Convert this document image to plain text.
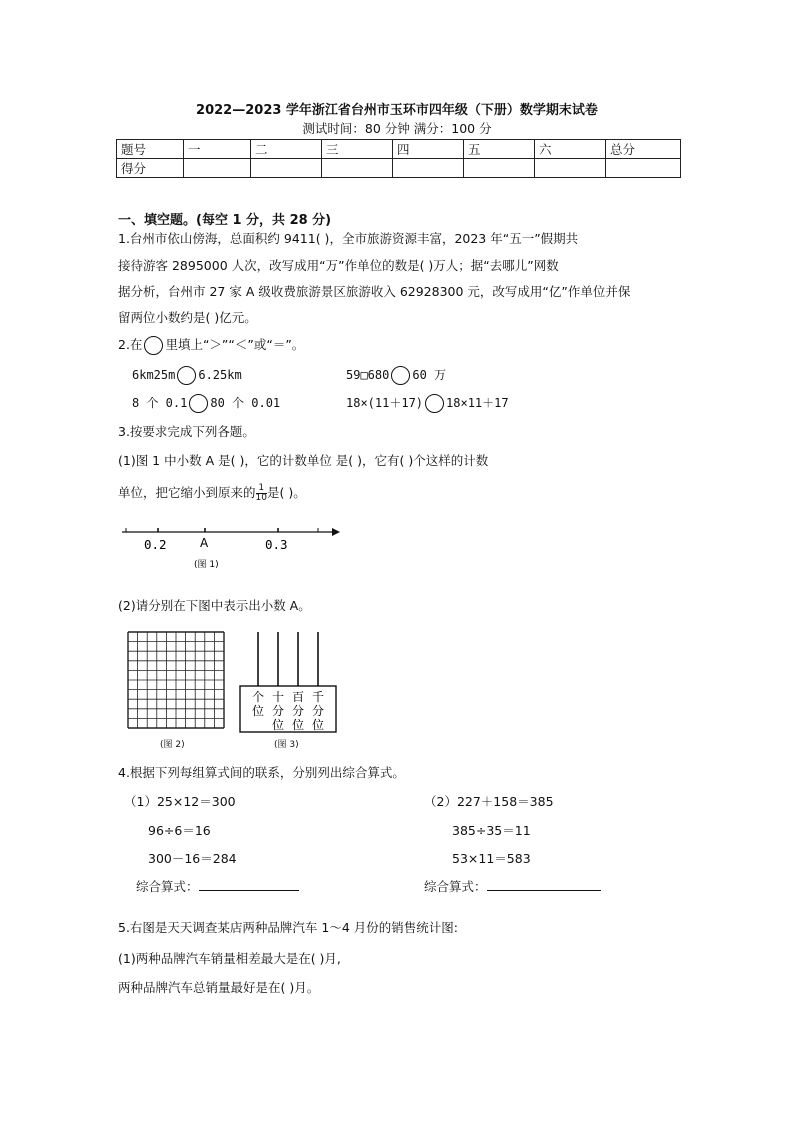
2022—2023 学年浙江省台州市玉环市四年级（下册）数学期末试卷
测试时间：80 分钟 满分：100 分
题号	一	二	三	四	五	六	总分
得分							
一、填空题。(每空 1 分，共 28 分)
1.台州市依山傍海，总面积约 9411( )，全市旅游资源丰富，2023 年“五一”假期共
接待游客 2895000 人次，改写成用“万”作单位的数是( )万人；据“去哪儿”网数
据分析，台州市 27 家 A 级收费旅游景区旅游收入 62928300 元，改写成用“亿”作单位并保
留两位小数约是( )亿元。
2.在 里填上“＞”“＜”或“＝”。
6km25m 6.25km	59□680 60 万
8 个 0.1 80 个 0.01	18×(11＋17) 18×11＋17
3.按要求完成下列各题。
(1)图 1 中小数 A 是( )，它的计数单位 是( )，它有( )个这样的计数
单位，把它缩小到原来的 $\frac{1}{10}$ 是( )。
0.2	A	0.3
(图 1)
(2)请分别在下图中表示出小数 A。
(图 2)
个 位
十 分 位
百 分 位
千 分 位
(图 3)
4.根据下列每组算式间的联系，分别列出综合算式。
（1）25×12＝300
96÷6＝16
300－16＝284
综合算式：
（2）227＋158＝385
385÷35＝11
53×11＝583
综合算式：
5.右图是天天调查某店两种品牌汽车 1～4 月份的销售统计图:
(1)两种品牌汽车销量相差最大是在( )月,
两种品牌汽车总销量最好是在( )月。
